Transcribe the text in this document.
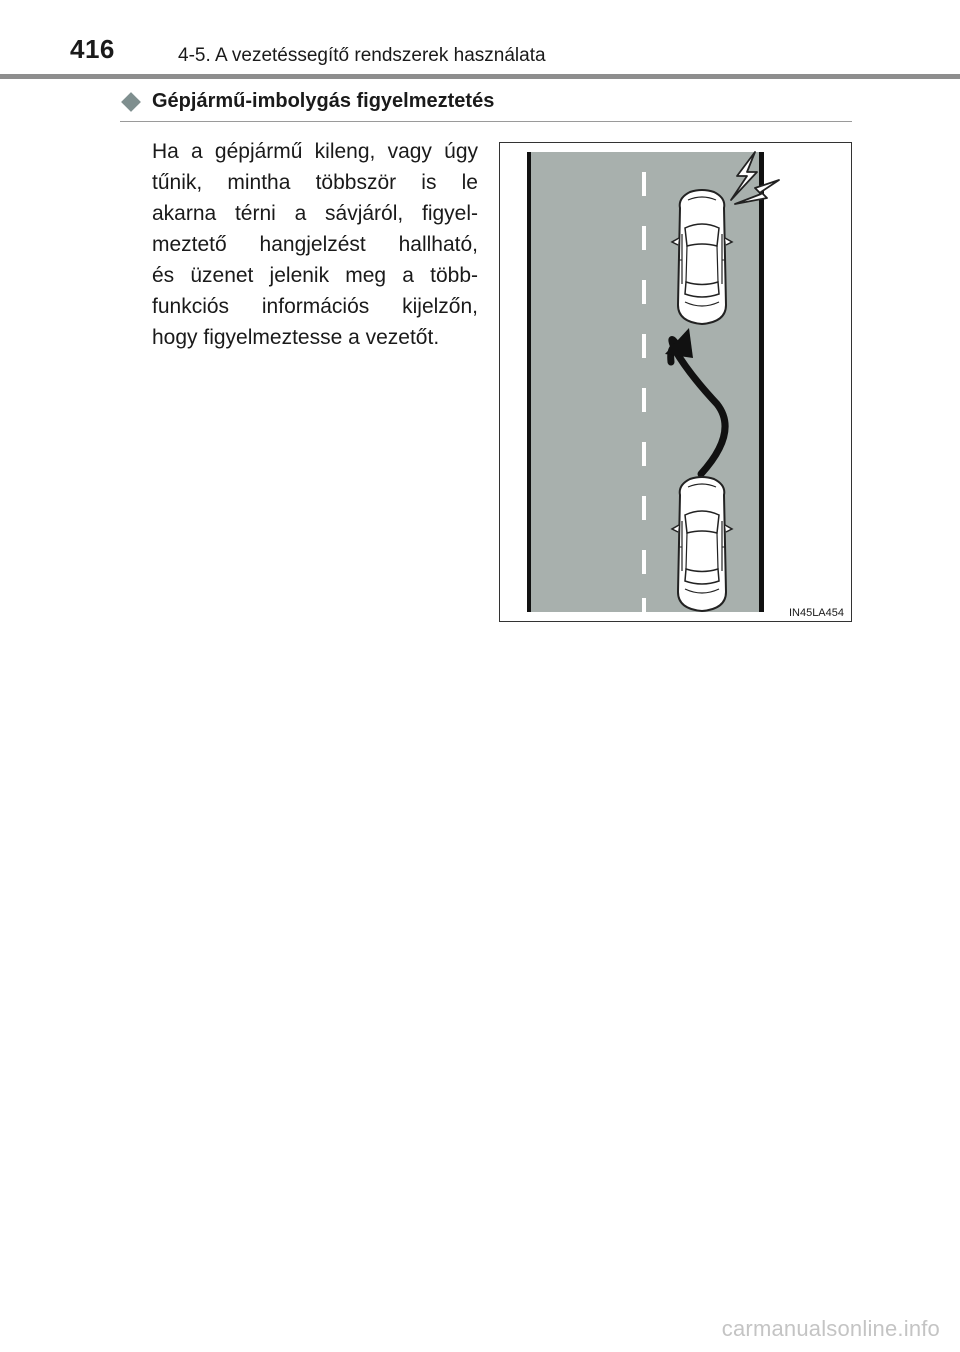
416	4-5. A vezetéssegítő rendszerek használata
Gépjármű-imbolygás figyelmeztetés
Ha a gépjármű kileng, vagy úgy
tűnik, mintha többször is le
akarna térni a sávjáról, figyel-
meztető hangjelzést hallható,
és üzenet jelenik meg a több-
funkciós információs kijelzőn,
hogy figyelmeztesse a vezetőt.
IN45LA454
carmanualsonline.info
